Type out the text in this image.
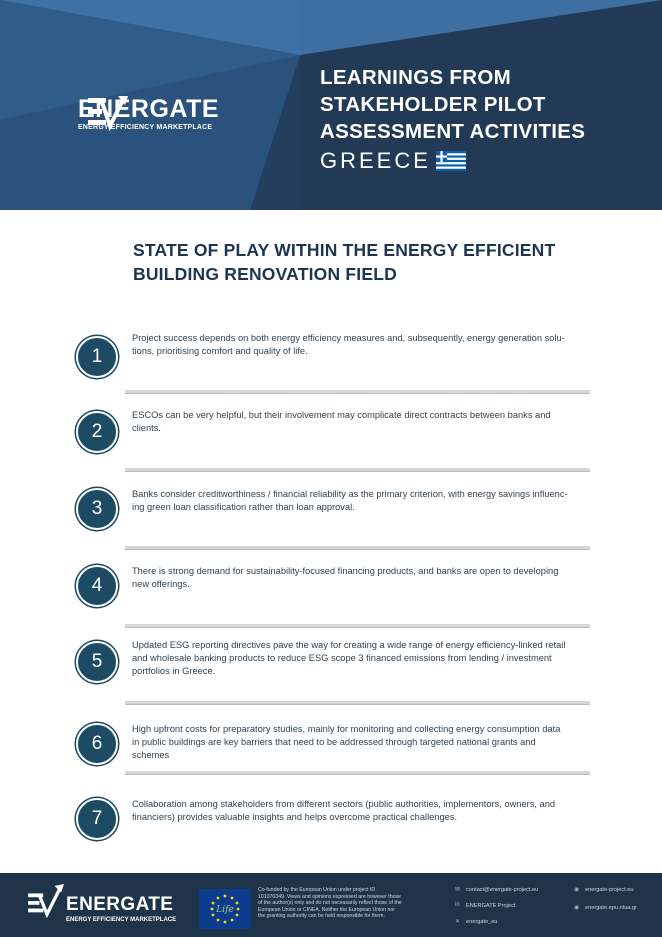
ENERGATE
ENERGY EFFICIENCY MARKETPLACE
LEARNINGS FROM
STAKEHOLDER PILOT
ASSESSMENT ACTIVITIES
GREECE
STATE OF PLAY WITHIN THE ENERGY EFFICIENT
BUILDING RENOVATION FIELD
1
Project success depends on both energy efficiency measures and, subsequently, energy generation solu-
tions, prioritising comfort and quality of life.
2
ESCOs can be very helpful, but their involvement may complicate direct contracts between banks and
clients.
3
Banks consider creditworthiness / financial reliability as the primary criterion, with energy savings influenc-
ing green loan classification rather than loan approval.
4
There is strong demand for sustainability-focused financing products, and banks are open to developing
new offerings.
5
Updated ESG reporting directives pave the way for creating a wide range of energy efficiency-linked retail
and wholesale banking products to reduce ESG scope 3 financed emissions from lending / investment
portfolios in Greece.
6
High upfront costs for preparatory studies, mainly for monitoring and collecting energy consumption data
in public buildings are key barriers that need to be addressed through targeted national grants and
schemes
7
Collaboration among stakeholders from different sectors (public authorities, implementors, owners, and
financiers) provides valuable insights and helps overcome practical challenges.
ENERGATE
ENERGY EFFICIENCY MARKETPLACE
Life
Co-funded by the European Union under project ID
101076349. Views and opinions expressed are however those
of the author(s) only and do not necessarily reflect those of the
European Union or CINEA. Neither the European Union nor
the granting authority can be held responsible for them.
✉ contact@energate-project.eu
in ENERGATE Project
✕ energate_eu
◉ energate-project.eu
◉ energate.epu.ntua.gr
